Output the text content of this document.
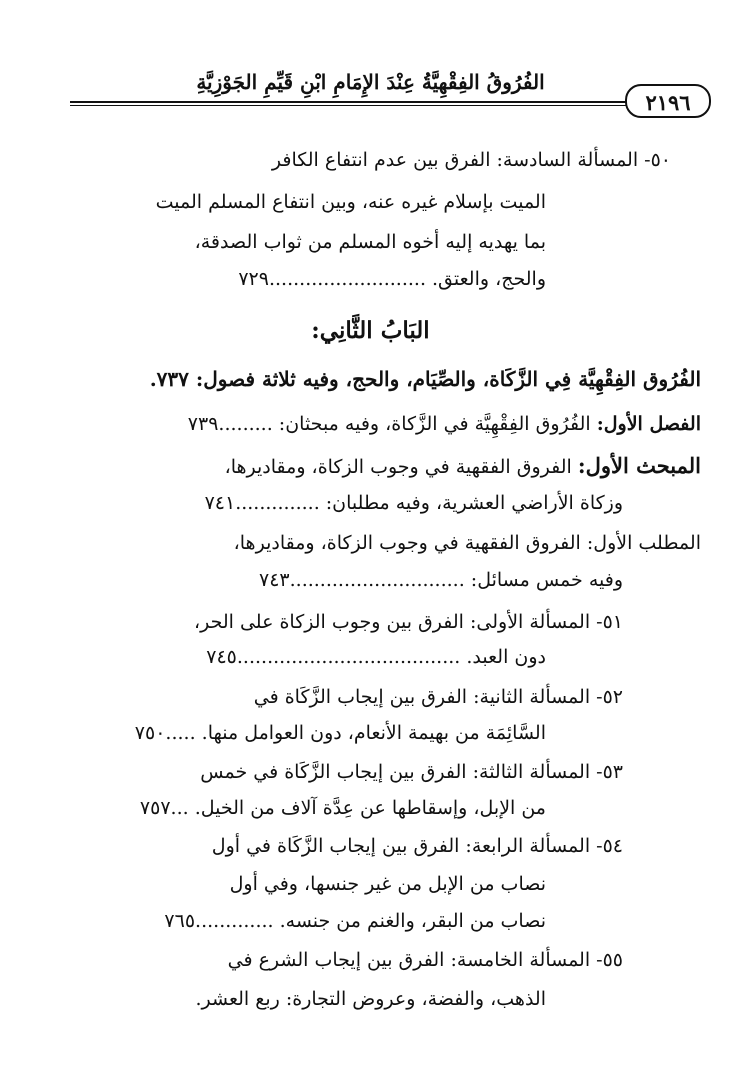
الفُرُوقُ الفِقْهِيَّةُ عِنْدَ الإِمَامِ ابْنِ قَيِّمِ الجَوْزِيَّةِ
٢١٩٦
٥٠- المسألة السادسة: الفرق بين عدم انتفاع الكافر
الميت بإسلام غيره عنه، وبين انتفاع المسلم الميت
بما يهديه إليه أخوه المسلم من ثواب الصدقة،
والحج، والعتق. ..........................٧٢٩
البَابُ الثَّانِي:
الفُرُوق الفِقْهِيَّة فِي الزَّكَاة، والصِّيَام، والحج، وفيه ثلاثة فصول: ٧٣٧.
الفصل الأول: الفُرُوق الفِقْهِيَّة في الزَّكاة، وفيه مبحثان: .........٧٣٩
المبحث الأول: الفروق الفقهية في وجوب الزكاة، ومقاديرها،
وزكاة الأراضي العشرية، وفيه مطلبان: ..............٧٤١
المطلب الأول: الفروق الفقهية في وجوب الزكاة، ومقاديرها،
وفيه خمس مسائل: .............................٧٤٣
٥١- المسألة الأولى: الفرق بين وجوب الزكاة على الحر،
دون العبد. .....................................٧٤٥
٥٢- المسألة الثانية: الفرق بين إيجاب الزَّكَاة في
السَّائِمَة من بهيمة الأنعام، دون العوامل منها. .....٧٥٠
٥٣- المسألة الثالثة: الفرق بين إيجاب الزَّكَاة في خمس
من الإبل، وإسقاطها عن عِدَّة آلاف من الخيل. ...٧٥٧
٥٤- المسألة الرابعة: الفرق بين إيجاب الزَّكَاة في أول
نصاب من الإبل من غير جنسها، وفي أول
نصاب من البقر، والغنم من جنسه. .............٧٦٥
٥٥- المسألة الخامسة: الفرق بين إيجاب الشرع في
الذهب، والفضة، وعروض التجارة: ربع العشر.
